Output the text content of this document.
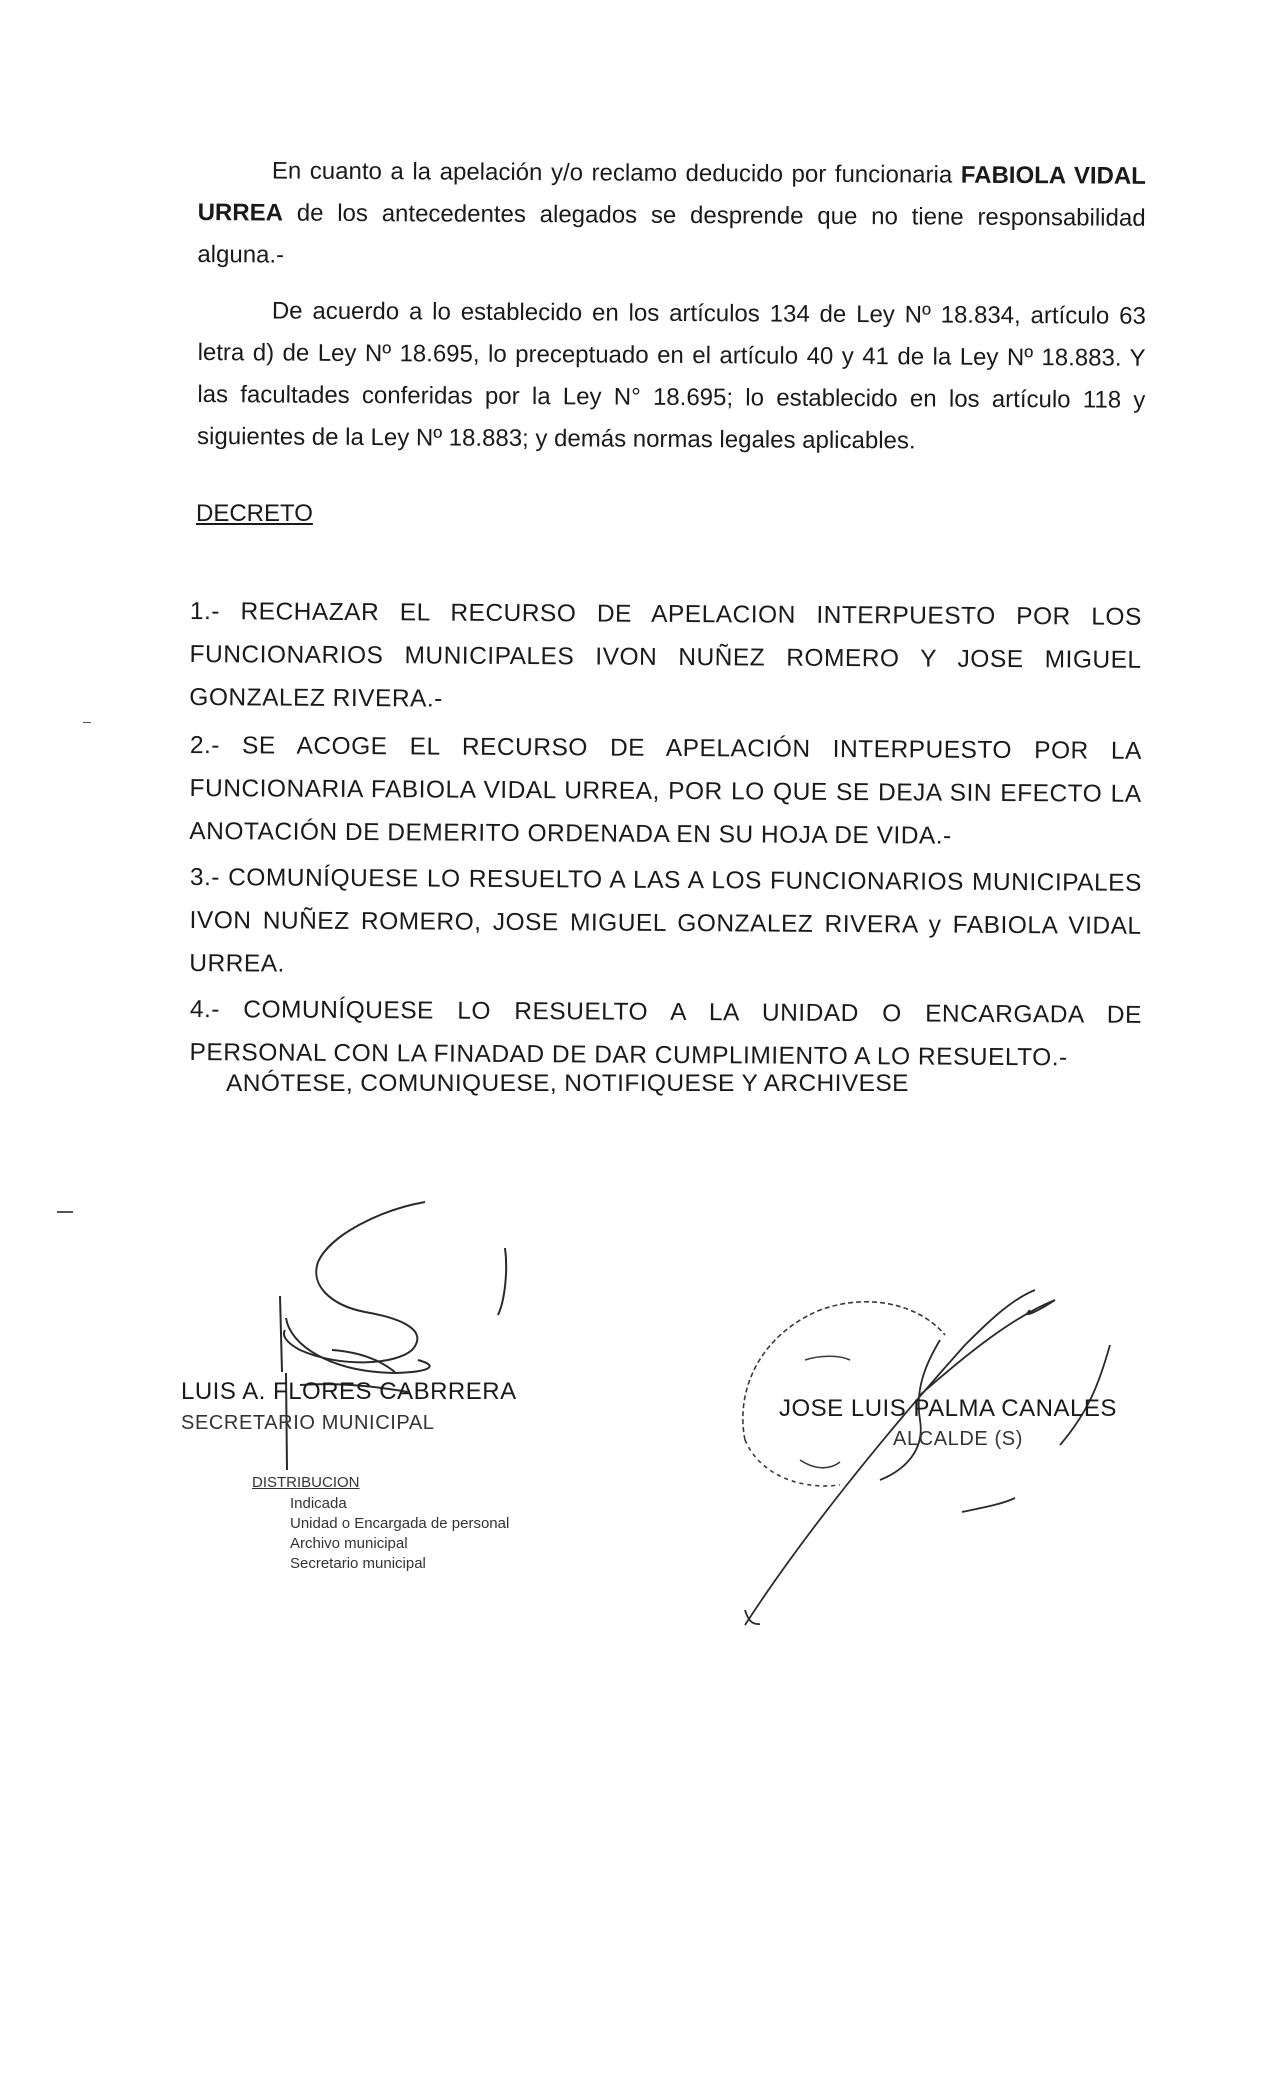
En cuanto a la apelación y/o reclamo deducido por funcionaria FABIOLA VIDAL URREA de los antecedentes alegados se desprende que no tiene responsabilidad alguna.-

De acuerdo a lo establecido en los artículos 134 de Ley Nº 18.834, artículo 63 letra d) de Ley Nº 18.695, lo preceptuado en el artículo 40 y 41 de la Ley Nº 18.883. Y las facultades conferidas por la Ley N° 18.695; lo establecido en los artículo 118 y siguientes de la Ley Nº 18.883; y demás normas legales aplicables.

DECRETO

1.- RECHAZAR EL RECURSO DE APELACION INTERPUESTO POR LOS FUNCIONARIOS MUNICIPALES IVON NUÑEZ ROMERO Y JOSE MIGUEL GONZALEZ RIVERA.-

2.- SE ACOGE EL RECURSO DE APELACIÓN INTERPUESTO POR LA FUNCIONARIA FABIOLA VIDAL URREA, POR LO QUE SE DEJA SIN EFECTO LA ANOTACIÓN DE DEMERITO ORDENADA EN SU HOJA DE VIDA.-

3.- COMUNÍQUESE LO RESUELTO A LAS A LOS FUNCIONARIOS MUNICIPALES IVON NUÑEZ ROMERO, JOSE MIGUEL GONZALEZ RIVERA y FABIOLA VIDAL URREA.

4.- COMUNÍQUESE LO RESUELTO A LA UNIDAD O ENCARGADA DE PERSONAL CON LA FINADAD DE DAR CUMPLIMIENTO A LO RESUELTO.-

ANÓTESE, COMUNIQUESE, NOTIFIQUESE Y ARCHIVESE

LUIS A. FLORES CABRRERA

SECRETARIO MUNICIPAL

JOSE LUIS PALMA CANALES

ALCALDE (S)

DISTRIBUCION

Indicada
Unidad o Encargada de personal
Archivo municipal
Secretario municipal
